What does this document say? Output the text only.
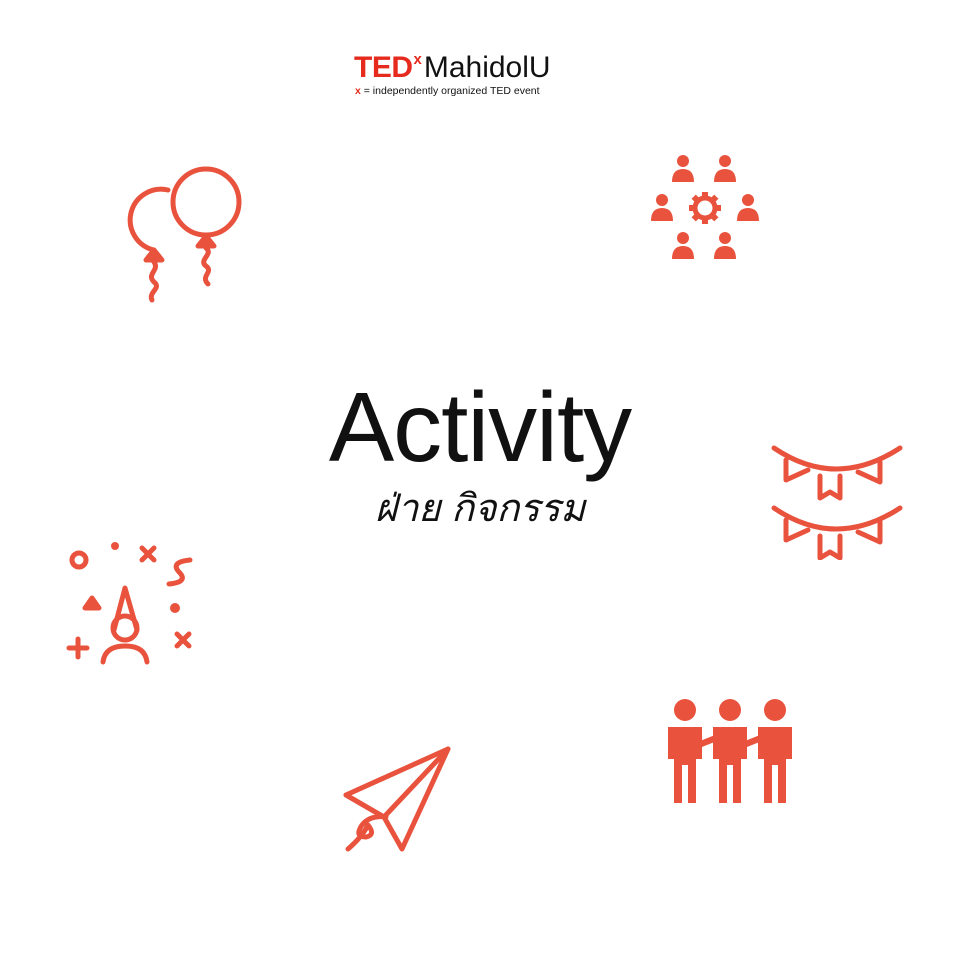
TED$^x$MahidolU
x = independently organized TED event
Activity
ฝ่าย กิจกรรม
